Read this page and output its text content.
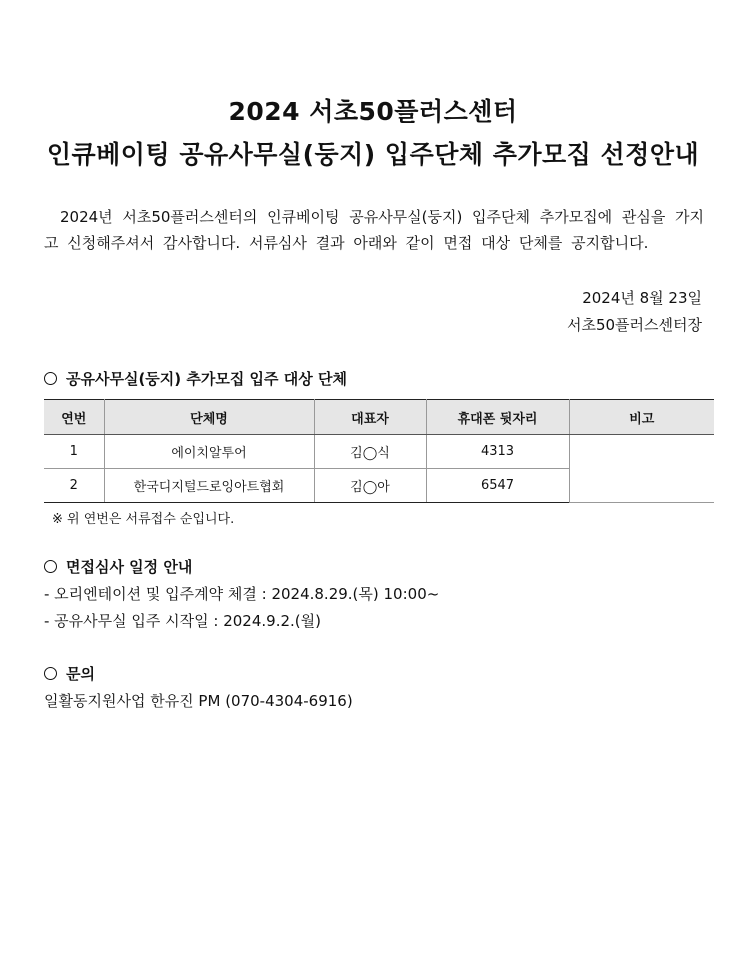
2024 서초50플러스센터
인큐베이팅 공유사무실(둥지) 입주단체 추가모집 선정안내
2024년 서초50플러스센터의 인큐베이팅 공유사무실(둥지) 입주단체 추가모집에 관심을 가지고 신청해주셔서 감사합니다. 서류심사 결과 아래와 같이 면접 대상 단체를 공지합니다.
2024년 8월 23일
서초50플러스센터장
공유사무실(둥지) 추가모집 입주 대상 단체
연번	단체명	대표자	휴대폰 뒷자리	비고
1	에이치알투어	김◯식	4313	
2	한국디지털드로잉아트협회	김◯아	6547	
※ 위 연번은 서류접수 순입니다.
면접심사 일정 안내
- 오리엔테이션 및 입주계약 체결 : 2024.8.29.(목) 10:00~
- 공유사무실 입주 시작일 : 2024.9.2.(월)
문의
일활동지원사업 한유진 PM (070-4304-6916)
